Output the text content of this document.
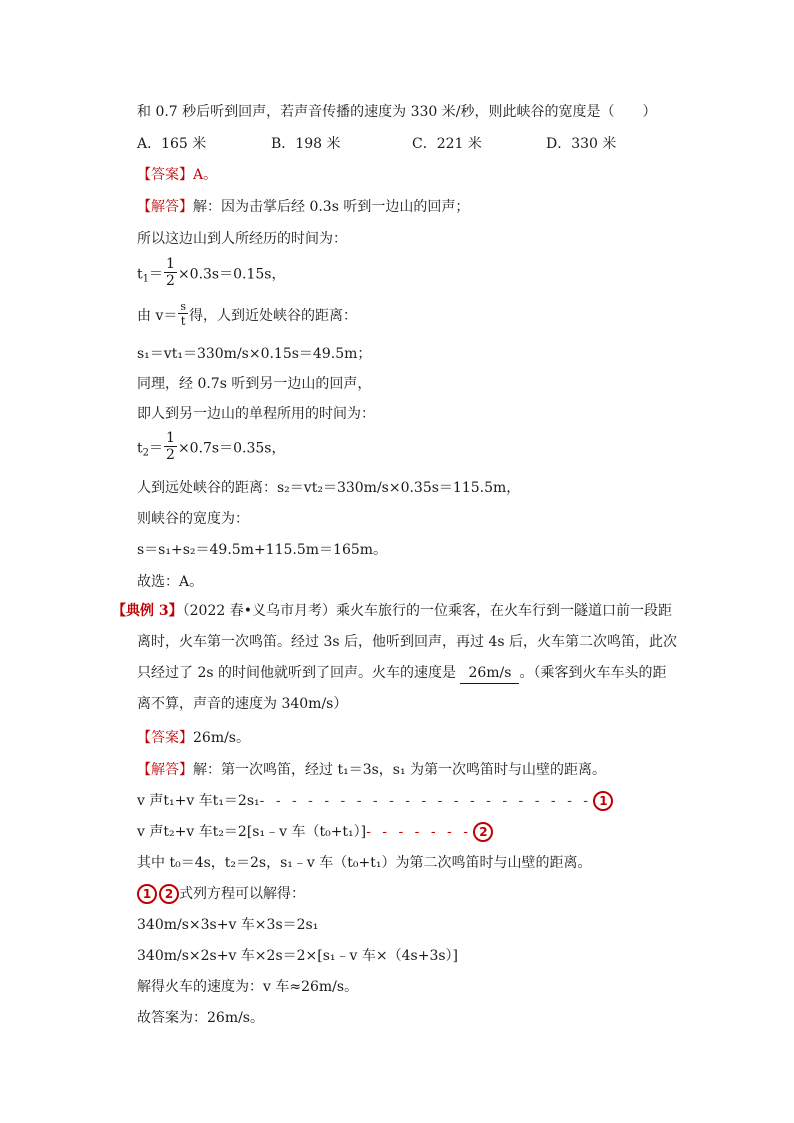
和 0.7 秒后听到回声，若声音传播的速度为 330 米/秒，则此峡谷的宽度是（　　）
A．165 米	B．198 米	C．221 米	D．330 米
【答案】A。
【解答】解：因为击掌后经 0.3s 听到一边山的回声；
所以这边山到人所经历的时间为：
$t_1= \frac{1}{2} \times 0.3s=0.15s$，
由 $v= \frac{s}{t}$ 得，人到近处峡谷的距离：
s₁＝vt₁＝330m/s×0.15s＝49.5m；
同理，经 0.7s 听到另一边山的回声，
即人到另一边山的单程所用的时间为：
$t_2= \frac{1}{2} \times 0.7s=0.35s$，
人到远处峡谷的距离：s₂＝vt₂＝330m/s×0.35s＝115.5m，
则峡谷的宽度为：
s＝s₁+s₂＝49.5m+115.5m＝165m。
故选：A。
【典例 3】（2022 春•义乌市月考）乘火车旅行的一位乘客，在火车行到一隧道口前一段距
离时，火车第一次鸣笛。经过 3s 后，他听到回声，再过 4s 后，火车第二次鸣笛，此次
只经过了 2s 的时间他就听到了回声。火车的速度是 26m/s 。（乘客到火车车头的距
离不算，声音的速度为 340m/s）
【答案】26m/s。
【解答】解：第一次鸣笛，经过 t₁＝3s，s₁ 为第一次鸣笛时与山壁的距离。
v 声t₁+v 车t₁＝2s₁- - - - - - - - - - - - - - - - - - - - - 1
v 声t₂+v 车t₂＝2[s₁﹣v 车（t₀+t₁）]- - - - - - - 2
其中 t₀＝4s，t₂＝2s，s₁﹣v 车（t₀+t₁）为第二次鸣笛时与山壁的距离。
1 2 式列方程可以解得：
340m/s×3s+v 车×3s＝2s₁
340m/s×2s+v 车×2s＝2×[s₁﹣v 车×（4s+3s）]
解得火车的速度为：v 车≈26m/s。
故答案为：26m/s。
